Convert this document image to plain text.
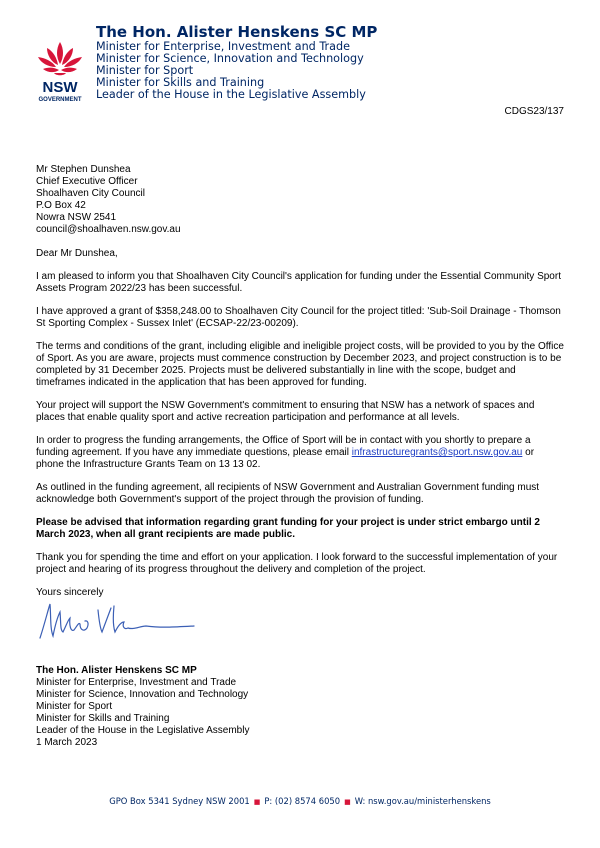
NSW
GOVERNMENT
The Hon. Alister Henskens SC MP
Minister for Enterprise, Investment and Trade
Minister for Science, Innovation and Technology
Minister for Sport
Minister for Skills and Training
Leader of the House in the Legislative Assembly
CDGS23/137
Mr Stephen Dunshea
Chief Executive Officer
Shoalhaven City Council
P.O Box 42
Nowra NSW 2541
council@shoalhaven.nsw.gov.au

Dear Mr Dunshea,

I am pleased to inform you that Shoalhaven City Council's application for funding under the Essential Community Sport Assets Program 2022/23 has been successful.

I have approved a grant of $358,248.00 to Shoalhaven City Council for the project titled: 'Sub-Soil Drainage - Thomson St Sporting Complex - Sussex Inlet' (ECSAP-22/23-00209).

The terms and conditions of the grant, including eligible and ineligible project costs, will be provided to you by the Office of Sport. As you are aware, projects must commence construction by December 2023, and project construction is to be completed by 31 December 2025. Projects must be delivered substantially in line with the scope, budget and timeframes indicated in the application that has been approved for funding.

Your project will support the NSW Government's commitment to ensuring that NSW has a network of spaces and places that enable quality sport and active recreation participation and performance at all levels.

In order to progress the funding arrangements, the Office of Sport will be in contact with you shortly to prepare a funding agreement. If you have any immediate questions, please email infrastructuregrants@sport.nsw.gov.au or phone the Infrastructure Grants Team on 13 13 02.

As outlined in the funding agreement, all recipients of NSW Government and Australian Government funding must acknowledge both Government's support of the project through the provision of funding.

Please be advised that information regarding grant funding for your project is under strict embargo until 2 March 2023, when all grant recipients are made public.

Thank you for spending the time and effort on your application. I look forward to the successful implementation of your project and hearing of its progress throughout the delivery and completion of the project.

Yours sincerely

The Hon. Alister Henskens SC MP
Minister for Enterprise, Investment and Trade
Minister for Science, Innovation and Technology
Minister for Sport
Minister for Skills and Training
Leader of the House in the Legislative Assembly
1 March 2023
GPO Box 5341 Sydney NSW 2001 ■ P: (02) 8574 6050 ■ W: nsw.gov.au/ministerhenskens
